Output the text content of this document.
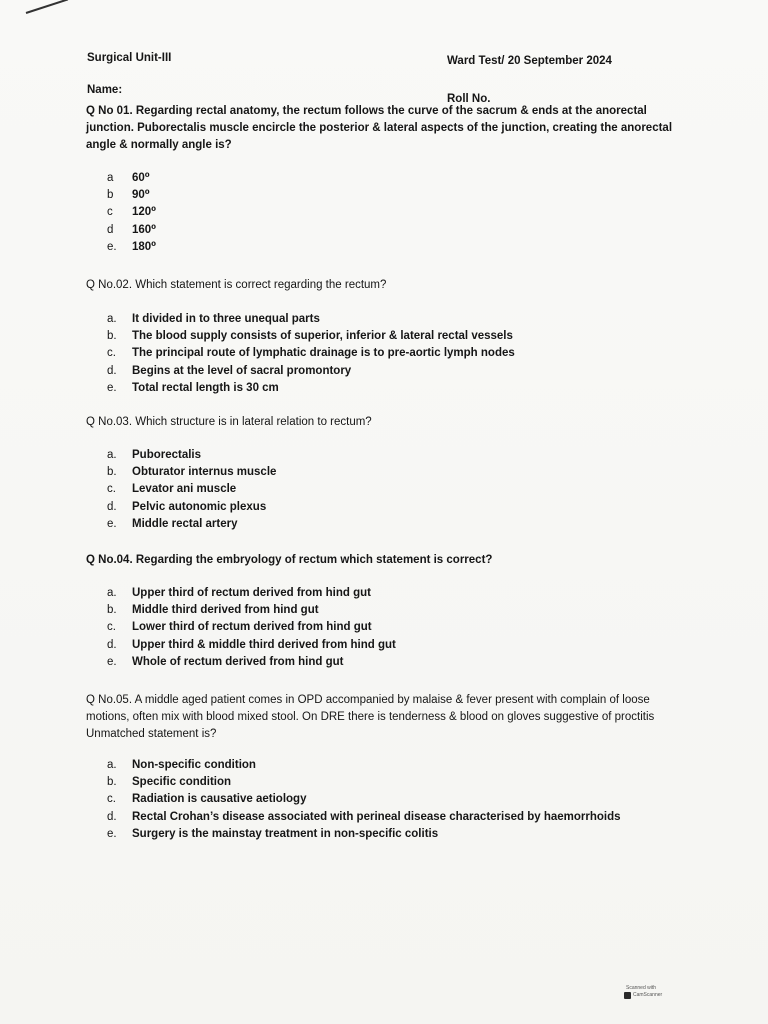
Surgical Unit-III	Ward Test/ 20 September 2024
Name:
Roll No.
Q No 01. Regarding rectal anatomy, the rectum follows the curve of the sacrum & ends at the anorectal junction. Puborectalis muscle encircle the posterior & lateral aspects of the junction, creating the anorectal angle & normally angle is?
a	60⁰
b	90⁰
c	120⁰
d	160⁰
e.	180⁰
Q No.02. Which statement is correct regarding the rectum?
a.	It divided in to three unequal parts
b.	The blood supply consists of superior, inferior & lateral rectal vessels
c.	The principal route of lymphatic drainage is to pre-aortic lymph nodes
d.	Begins at the level of sacral promontory
e.	Total rectal length is 30 cm
Q No.03. Which structure is in lateral relation to rectum?
a.	Puborectalis
b.	Obturator internus muscle
c.	Levator ani muscle
d.	Pelvic autonomic plexus
e.	Middle rectal artery
Q No.04. Regarding the embryology of rectum which statement is correct?
a.	Upper third of rectum derived from hind gut
b.	Middle third derived from hind gut
c.	Lower third of rectum derived from hind gut
d.	Upper third & middle third derived from hind gut
e.	Whole of rectum derived from hind gut
Q No.05. A middle aged patient comes in OPD accompanied by malaise & fever present with complain of loose motions, often mix with blood mixed stool. On DRE there is tenderness & blood on gloves suggestive of proctitis Unmatched statement is?
a.	Non-specific condition
b.	Specific condition
c.	Radiation is causative aetiology
d.	Rectal Crohan’s disease associated with perineal disease characterised by haemorrhoids
e.	Surgery is the mainstay treatment in non-specific colitis
Scanned with
CamScanner
